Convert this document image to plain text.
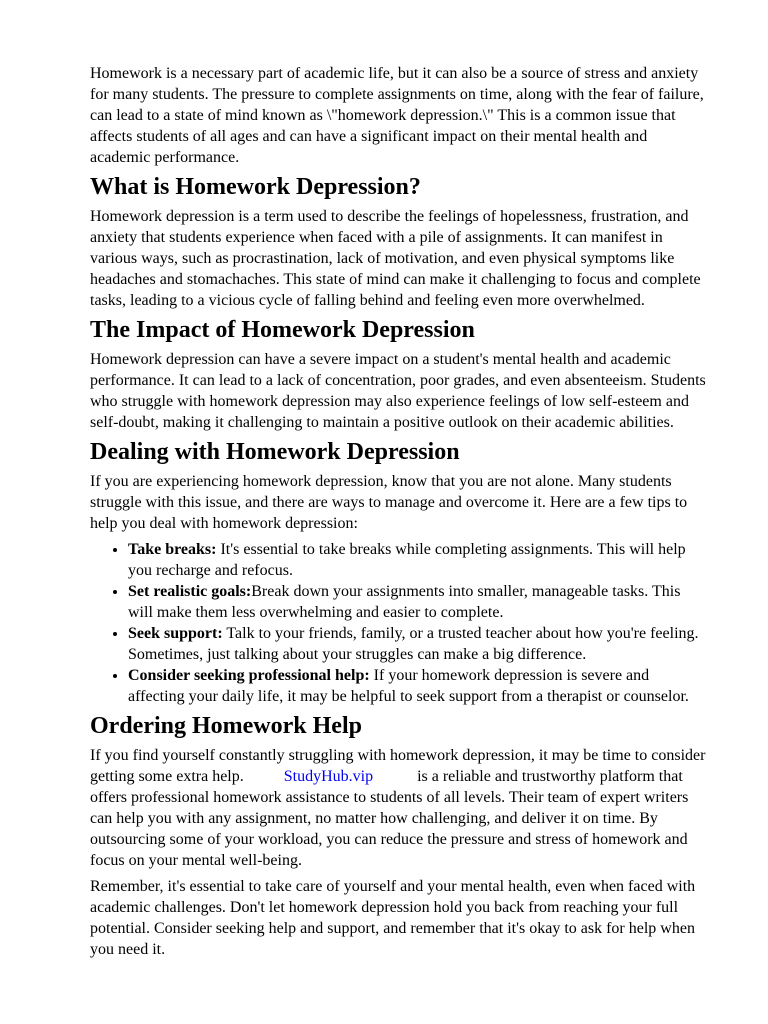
Homework is a necessary part of academic life, but it can also be a source of stress and anxiety for many students. The pressure to complete assignments on time, along with the fear of failure, can lead to a state of mind known as \"homework depression.\" This is a common issue that affects students of all ages and can have a significant impact on their mental health and academic performance.

What is Homework Depression?

Homework depression is a term used to describe the feelings of hopelessness, frustration, and anxiety that students experience when faced with a pile of assignments. It can manifest in various ways, such as procrastination, lack of motivation, and even physical symptoms like headaches and stomachaches. This state of mind can make it challenging to focus and complete tasks, leading to a vicious cycle of falling behind and feeling even more overwhelmed.

The Impact of Homework Depression

Homework depression can have a severe impact on a student's mental health and academic performance. It can lead to a lack of concentration, poor grades, and even absenteeism. Students who struggle with homework depression may also experience feelings of low self-esteem and self-doubt, making it challenging to maintain a positive outlook on their academic abilities.

Dealing with Homework Depression

If you are experiencing homework depression, know that you are not alone. Many students struggle with this issue, and there are ways to manage and overcome it. Here are a few tips to help you deal with homework depression:

• Take breaks: It's essential to take breaks while completing assignments. This will help you recharge and refocus.
• Set realistic goals:Break down your assignments into smaller, manageable tasks. This will make them less overwhelming and easier to complete.
• Seek support: Talk to your friends, family, or a trusted teacher about how you're feeling. Sometimes, just talking about your struggles can make a big difference.
• Consider seeking professional help: If your homework depression is severe and affecting your daily life, it may be helpful to seek support from a therapist or counselor.
Ordering Homework Help

If you find yourself constantly struggling with homework depression, it may be time to consider getting some extra help.	StudyHub.vip	is a reliable and trustworthy platform that offers professional homework assistance to students of all levels. Their team of expert writers can help you with any assignment, no matter how challenging, and deliver it on time. By outsourcing some of your workload, you can reduce the pressure and stress of homework and focus on your mental well-being.

Remember, it's essential to take care of yourself and your mental health, even when faced with academic challenges. Don't let homework depression hold you back from reaching your full potential. Consider seeking help and support, and remember that it's okay to ask for help when you need it.
